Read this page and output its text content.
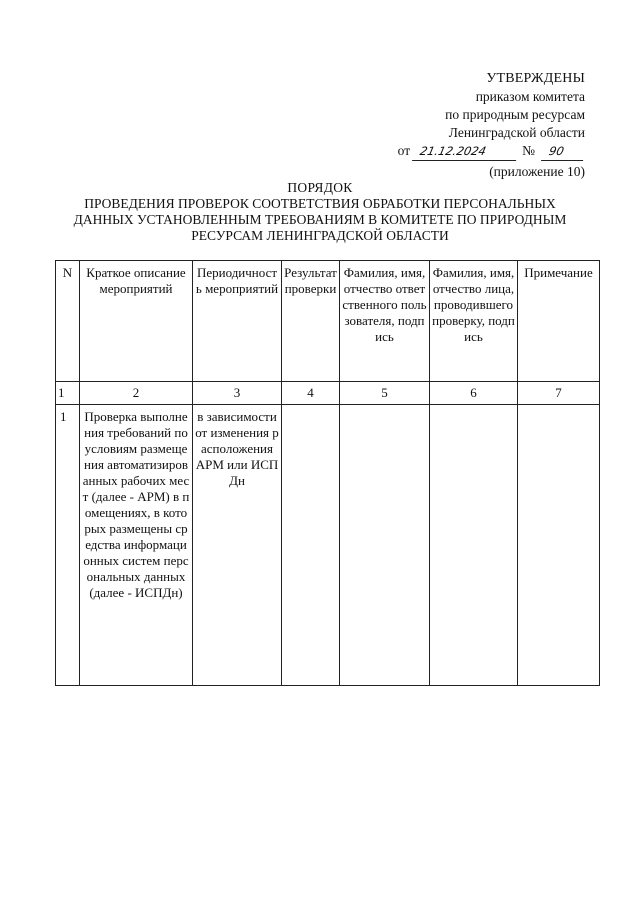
УТВЕРЖДЕНЫ
приказом комитета
по природным ресурсам
Ленинградской области
от 21.12.2024	№	90
(приложение 10)
ПОРЯДОК
ПРОВЕДЕНИЯ ПРОВЕРОК СООТВЕТСТВИЯ ОБРАБОТКИ ПЕРСОНАЛЬНЫХ
ДАННЫХ УСТАНОВЛЕННЫМ ТРЕБОВАНИЯМ В КОМИТЕТЕ ПО ПРИРОДНЫМ
РЕСУРСАМ ЛЕНИНГРАДСКОЙ ОБЛАСТИ
N	Краткое описание мероприятий	Периодичность мероприятий	Результат проверки	Фамилия, имя, отчество ответственного пользователя, подпись	Фамилия, имя, отчество лица, проводившего проверку, подпись	Примечание
1	2	3	4	5	6	7
1	Проверка выполнения требований по условиям размещения автоматизированных рабочих мест (далее - АРМ) в помещениях, в которых размещены средства информационных систем персональных данных (далее - ИСПДн)	в зависимости от изменения расположения АРМ или ИСПДн				
